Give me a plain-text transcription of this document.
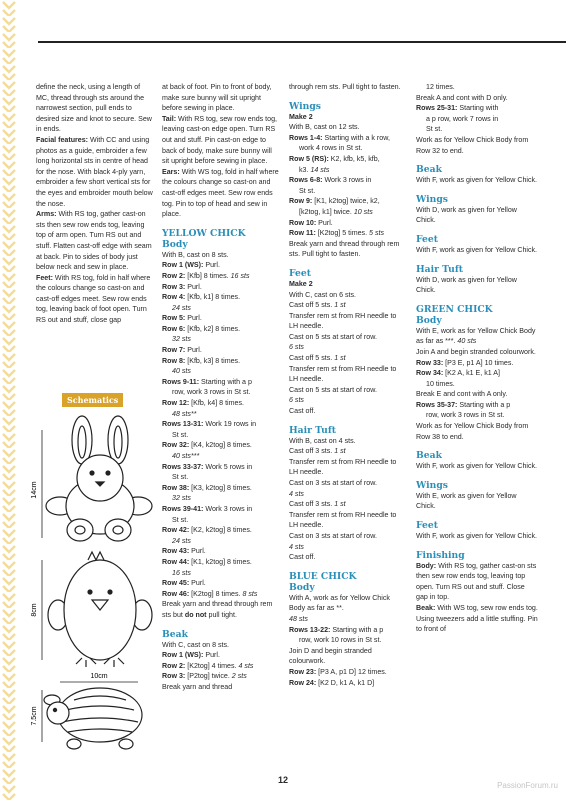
define the neck, using a length of MC, thread through sts around the narrowest section, pull ends to desired size and knot to secure. Sew in ends.

Facial features: With CC and using photos as a guide, embroider a few long horizontal sts in centre of head for the nose. With black 4-ply yarn, embroider a few short vertical sts for the eyes and embroider mouth below the nose.

Arms: With RS tog, gather cast-on sts then sew row ends tog, leaving top of arm open. Turn RS out and stuff. Flatten cast-off edge with seam at back. Pin to sides of body just below neck and sew in place.

Feet: With RS tog, fold in half where the colours change so cast-on and cast-off edges meet. Sew row ends tog, leaving back of foot open. Turn RS out and stuff, close gap

Schematics
14cm
8cm
10cm
7.5cm

at back of foot. Pin to front of body, make sure bunny will sit upright before sewing in place.

Tail: With RS tog, sew row ends tog, leaving cast-on edge open. Turn RS out and stuff. Pin cast-on edge to back of body, make sure bunny will sit upright before sewing in place.

Ears: With WS tog, fold in half where the colours change so cast-on and cast-off edges meet. Sew row ends tog. Pin to top of head and sew in place.

YELLOW CHICK

Body

With B, cast on 8 sts.

Row 1 (WS): Purl.

Row 2: [Kfb] 8 times. 16 sts

Row 3: Purl.

Row 4: [Kfb, k1] 8 times.

24 sts

Row 5: Purl.

Row 6: [Kfb, k2] 8 times.

32 sts

Row 7: Purl.

Row 8: [Kfb, k3] 8 times.

40 sts

Rows 9-11: Starting with a p

row, work 3 rows in St st.

Row 12: [Kfb, k4] 8 times.

48 sts**

Rows 13-31: Work 19 rows in

St st.

Row 32: [K4, k2tog] 8 times.

40 sts***

Rows 33-37: Work 5 rows in

St st.

Row 38: [K3, k2tog] 8 times.

32 sts

Rows 39-41: Work 3 rows in

St st.

Row 42: [K2, k2tog] 8 times.

24 sts

Row 43: Purl.

Row 44: [K1, k2tog] 8 times.

16 sts

Row 45: Purl.

Row 46: [K2tog] 8 times. 8 sts

Break yarn and thread through rem sts but do not pull tight.

Beak

With C, cast on 8 sts.

Row 1 (WS): Purl.

Row 2: [K2tog] 4 times. 4 sts

Row 3: [P2tog] twice. 2 sts

Break yarn and thread

through rem sts. Pull tight to fasten.

Wings

Make 2

With B, cast on 12 sts.

Rows 1-4: Starting with a k row,

work 4 rows in St st.

Row 5 (RS): K2, kfb, k5, kfb,

k3. 14 sts

Rows 6-8: Work 3 rows in

St st.

Row 9: [K1, k2tog] twice, k2,

[k2tog, k1] twice. 10 sts

Row 10: Purl.

Row 11: [K2tog] 5 times. 5 sts

Break yarn and thread through rem sts. Pull tight to fasten.

Feet

Make 2

With C, cast on 6 sts.

Cast off 5 sts. 1 st

Transfer rem st from RH needle to LH needle.

Cast on 5 sts at start of row.

6 sts

Cast off 5 sts. 1 st

Transfer rem st from RH needle to LH needle.

Cast on 5 sts at start of row.

6 sts

Cast off.

Hair Tuft

With B, cast on 4 sts.

Cast off 3 sts. 1 st

Transfer rem st from RH needle to LH needle.

Cast on 3 sts at start of row.

4 sts

Cast off 3 sts. 1 st

Transfer rem st from RH needle to LH needle.

Cast on 3 sts at start of row.

4 sts

Cast off.

BLUE CHICK

Body

With A, work as for Yellow Chick Body as far as **.

48 sts

Rows 13-22: Starting with a p

row, work 10 rows in St st.

Join D and begin stranded colourwork.

Row 23: [P3 A, p1 D] 12 times.

Row 24: [K2 D, k1 A, k1 D]

12 times.

Break A and cont with D only.

Rows 25-31: Starting with

a p row, work 7 rows in

St st.

Work as for Yellow Chick Body from Row 32 to end.

Beak

With F, work as given for Yellow Chick.

Wings

With D, work as given for Yellow Chick.

Feet

With F, work as given for Yellow Chick.

Hair Tuft

With D, work as given for Yellow Chick.

GREEN CHICK

Body

With E, work as for Yellow Chick Body as far as ***. 40 sts

Join A and begin stranded colourwork.

Row 33: [P3 E, p1 A] 10 times.

Row 34: [K2 A, k1 E, k1 A]

10 times.

Break E and cont with A only.

Rows 35-37: Starting with a p

row, work 3 rows in St st.

Work as for Yellow Chick Body from Row 38 to end.

Beak

With F, work as given for Yellow Chick.

Wings

With E, work as given for Yellow Chick.

Feet

With F, work as given for Yellow Chick.

Finishing

Body: With RS tog, gather cast-on sts then sew row ends tog, leaving top open. Turn RS out and stuff. Close gap in top.

Beak: With WS tog, sew row ends tog. Using tweezers add a little stuffing. Pin to front of

12
PassionForum.ru
